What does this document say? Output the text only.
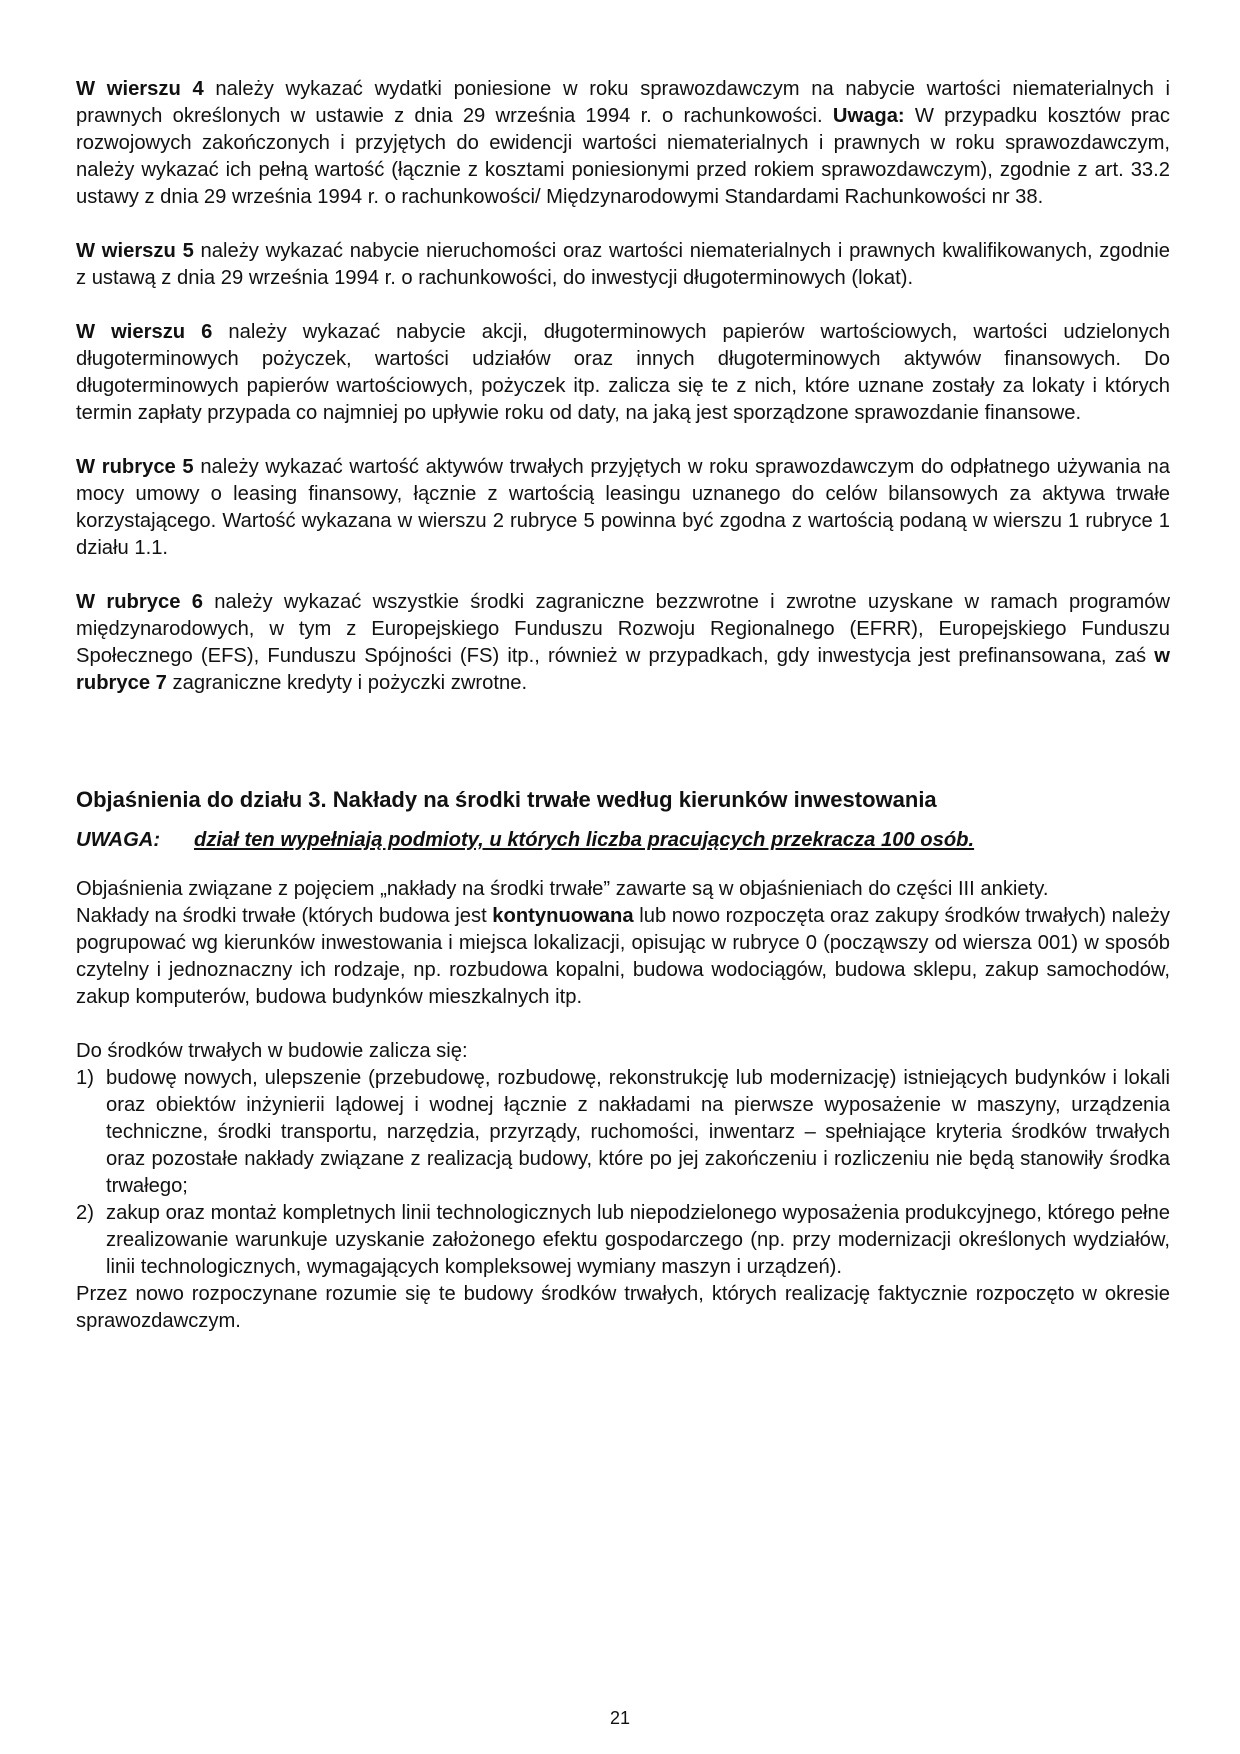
W wierszu 4 należy wykazać wydatki poniesione w roku sprawozdawczym na nabycie wartości niematerialnych i prawnych określonych w ustawie z dnia 29 września 1994 r. o rachunkowości. Uwaga: W przypadku kosztów prac rozwojowych zakończonych i przyjętych do ewidencji wartości niematerialnych i prawnych w roku sprawozdawczym, należy wykazać ich pełną wartość (łącznie z kosztami poniesionymi przed rokiem sprawozdawczym), zgodnie z art. 33.2 ustawy z dnia 29 września 1994 r. o rachunkowości/ Międzynarodowymi Standardami Rachunkowości nr 38.

W wierszu 5 należy wykazać nabycie nieruchomości oraz wartości niematerialnych i prawnych kwalifikowanych, zgodnie z ustawą z dnia 29 września 1994 r. o rachunkowości, do inwestycji długoterminowych (lokat).

W wierszu 6 należy wykazać nabycie akcji, długoterminowych papierów wartościowych, wartości udzielonych długoterminowych pożyczek, wartości udziałów oraz innych długoterminowych aktywów finansowych. Do długoterminowych papierów wartościowych, pożyczek itp. zalicza się te z nich, które uznane zostały za lokaty i których termin zapłaty przypada co najmniej po upływie roku od daty, na jaką jest sporządzone sprawozdanie finansowe.

W rubryce 5 należy wykazać wartość aktywów trwałych przyjętych w roku sprawozdawczym do odpłatnego używania na mocy umowy o leasing finansowy, łącznie z wartością leasingu uznanego do celów bilansowych za aktywa trwałe korzystającego. Wartość wykazana w wierszu 2 rubryce 5 powinna być zgodna z wartością podaną w wierszu 1 rubryce 1 działu 1.1.

W rubryce 6 należy wykazać wszystkie środki zagraniczne bezzwrotne i zwrotne uzyskane w ramach programów międzynarodowych, w tym z Europejskiego Funduszu Rozwoju Regionalnego (EFRR), Europejskiego Funduszu Społecznego (EFS), Funduszu Spójności (FS) itp., również w przypadkach, gdy inwestycja jest prefinansowana, zaś w rubryce 7 zagraniczne kredyty i pożyczki zwrotne.

Objaśnienia do działu 3. Nakłady na środki trwałe według kierunków inwestowania
UWAGA: dział ten wypełniają podmioty, u których liczba pracujących przekracza 100 osób.

Objaśnienia związane z pojęciem „nakłady na środki trwałe” zawarte są w objaśnieniach do części III ankiety.

Nakłady na środki trwałe (których budowa jest kontynuowana lub nowo rozpoczęta oraz zakupy środków trwałych) należy pogrupować wg kierunków inwestowania i miejsca lokalizacji, opisując w rubryce 0 (począwszy od wiersza 001) w sposób czytelny i jednoznaczny ich rodzaje, np. rozbudowa kopalni, budowa wodociągów, budowa sklepu, zakup samochodów, zakup komputerów, budowa budynków mieszkalnych itp.

Do środków trwałych w budowie zalicza się:

1) budowę nowych, ulepszenie (przebudowę, rozbudowę, rekonstrukcję lub modernizację) istniejących budynków i lokali oraz obiektów inżynierii lądowej i wodnej łącznie z nakładami na pierwsze wyposażenie w maszyny, urządzenia techniczne, środki transportu, narzędzia, przyrządy, ruchomości, inwentarz – spełniające kryteria środków trwałych oraz pozostałe nakłady związane z realizacją budowy, które po jej zakończeniu i rozliczeniu nie będą stanowiły środka trwałego;
2) zakup oraz montaż kompletnych linii technologicznych lub niepodzielonego wyposażenia produkcyjnego, którego pełne zrealizowanie warunkuje uzyskanie założonego efektu gospodarczego (np. przy modernizacji określonych wydziałów, linii technologicznych, wymagających kompleksowej wymiany maszyn i urządzeń).

Przez nowo rozpoczynane rozumie się te budowy środków trwałych, których realizację faktycznie rozpoczęto w okresie sprawozdawczym.

21
